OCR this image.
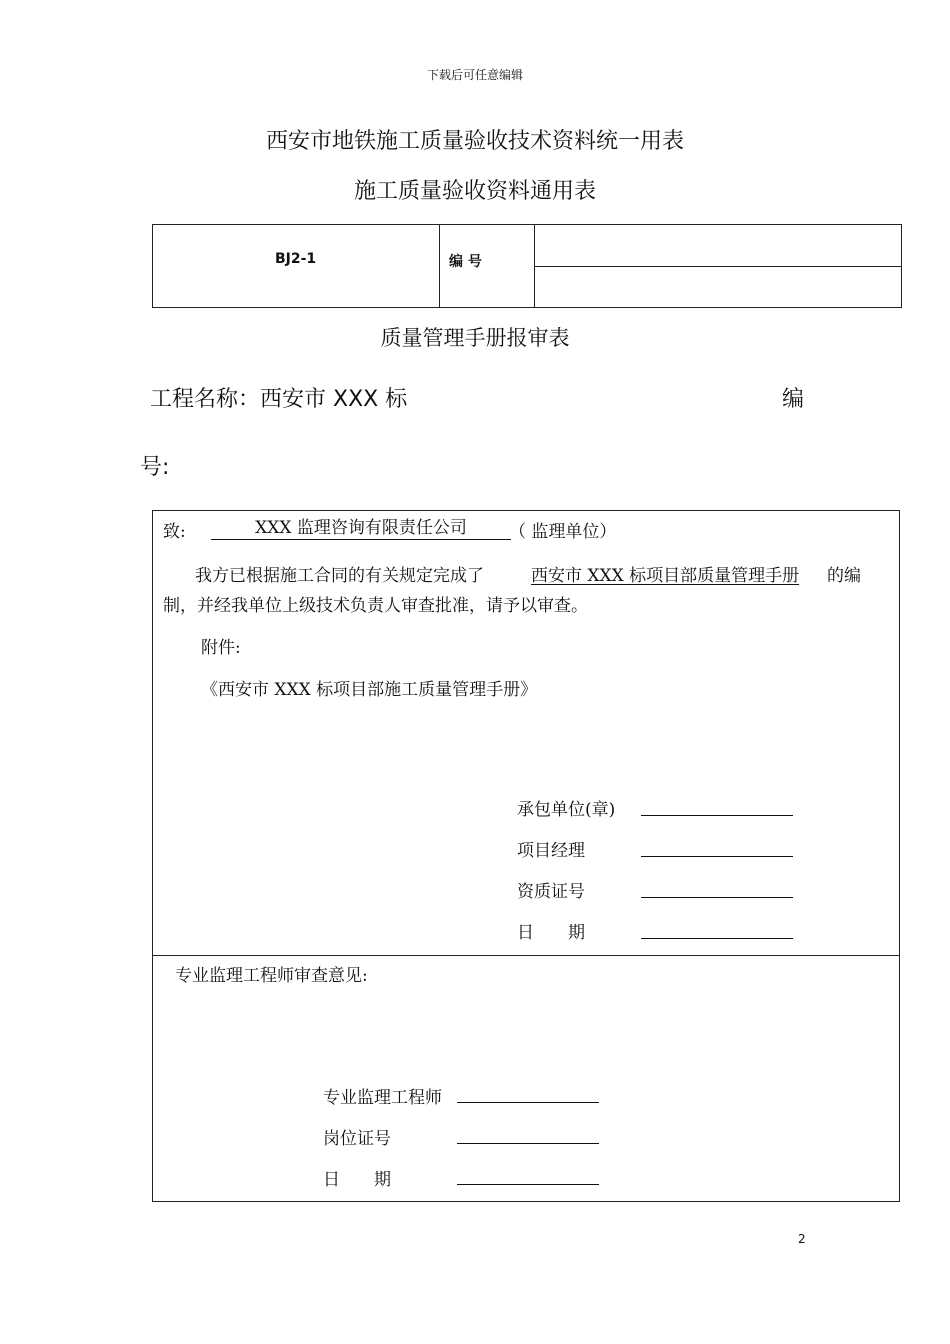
下载后可任意编辑
西安市地铁施工质量验收技术资料统一用表
施工质量验收资料通用表
BJ2-1	编 号
质量管理手册报审表
工程名称：西安市 XXX 标	编
号:
致:	XXX 监理咨询有限责任公司	（ 监理单位）
我方已根据施工合同的有关规定完成了	西安市 XXX 标项目部质量管理手册 的编
制，并经我单位上级技术负责人审查批准，请予以审查。
附件:
《西安市 XXX 标项目部施工质量管理手册》
承包单位(章)
项目经理
资质证号
日　　期
专业监理工程师审查意见:
专业监理工程师
岗位证号
日　　期
2
